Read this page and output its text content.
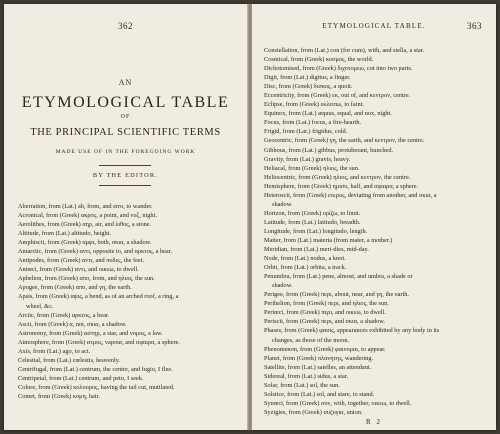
362
AN
ETYMOLOGICAL TABLE
OF
THE PRINCIPAL SCIENTIFIC TERMS
MADE USE OF IN THE FOREGOING WORK
BY THE EDITOR.
Aberration, from (Lat.) ab, from, and erro, to wander.
Acronical, from (Greek) ακρος, a point, and νυξ, night.
Aerolithes, from (Greek) αηρ, air, and λιθος, a stone.
Altitude, from (Lat.) altitudo, height.
Amphiscii, from (Greek) αμφι, both, σκια, a shadow.
Antarctic, from (Greek) αντι, opposite to, and αρκτος, a bear.
Antipodes, from (Greek) αντι, and ποδες, the feet.
Antœci, from (Greek) αντι, and οικεω, to dwell.
Aphelion, from (Greek) απο, from, and ηλιος, the sun.
Apogee, from (Greek) απο, and γη, the earth.
Apsis, from (Greek) αψις, a bend, as of an arched roof, a ring, a
wheel, &c.
Arctic, from (Greek) αρκτος, a bear.
Ascii, from (Greek) α, not, σκια, a shadow.
Astronomy, from (Greek) αστηρ, a star, and νομος, a law.
Atmosphere, from (Greek) ατμος, vapour, and σφαιρα, a sphere.
Axis, from (Lat.) ago, to act.
Celestial, from (Lat.) cœlestis, heavenly.
Centrifugal, from (Lat.) centrum, the centre, and fugio, I flee.
Centripetal, from (Lat.) centrum, and peto, I seek.
Colure, from (Greek) κολουρος, having the tail cut, mutilated.
Comet, from (Greek) κομη, hair.
ETYMOLOGICAL TABLE.	363
Constellation, from (Lat.) con (for cum), with, and stella, a star.
Cosmical, from (Greek) κοσμος, the world.
Dichotomised, from (Greek) διχοτομεω, cut into two parts.
Digit, from (Lat.) digitus, a finger.
Disc, from (Greek) δισκος, a quoit.
Eccentricity, from (Greek) εκ, out of, and κεντρον, centre.
Eclipse, from (Greek) εκλειπω, to faint.
Equinox, from (Lat.) æquus, equal, and nox, night.
Focus, from (Lat.) focus, a fire-hearth.
Frigid, from (Lat.) frigidus, cold.
Geocentric, from (Greek) γη, the earth, and κεντρον, the centre.
Gibbous, from (Lat.) gibbus, protuberant, hunched.
Gravity, from (Lat.) gravis, heavy.
Heliacal, from (Greek) ηλιος, the sun.
Heliocentric, from (Greek) ηλιος, and κεντρον, the centre.
Hemisphere, from (Greek) ημισυ, half, and σφαιρα, a sphere.
Heteroscii, from (Greek) ετερος, deviating from another, and σκια, a
shadow.
Horizon, from (Greek) ορίζω, to limit.
Latitude, from (Lat.) latitudo, breadth.
Longitude, from (Lat.) longitudo, length.
Matter, from (Lat.) materia (from mater, a mother.)
Meridian, from (Lat.) meri-dies, mid-day.
Node, from (Lat.) nodus, a knot.
Orbit, from (Lat.) orbita, a track.
Penumbra, from (Lat.) pene, almost, and umbra, a shade or
shadow.
Perigee, from (Greek) περι, about, near, and γη, the earth.
Perihelion, from (Greek) περι, and ηλιος, the sun.
Periœci, from (Greek) περι, and οικεω, to dwell.
Periscii, from (Greek) περι, and σκια, a shadow.
Phases, from (Greek) φασις, appearances exhibited by any body in its
changes, as those of the moon.
Phenomenon, from (Greek) φαινομαι, to appear.
Planet, from (Greek) πλανητης, wandering.
Satellite, from (Lat.) satelles, an attendant.
Sidereal, from (Lat.) sidus, a star.
Solar, from (Lat.) sol, the sun.
Solstice, from (Lat.) sol, and stare, to stand.
Synœci, from (Greek) συν, with, together, οικεω, to dwell.
Syzigies, from (Greek) συζυγια, union.
R 2
